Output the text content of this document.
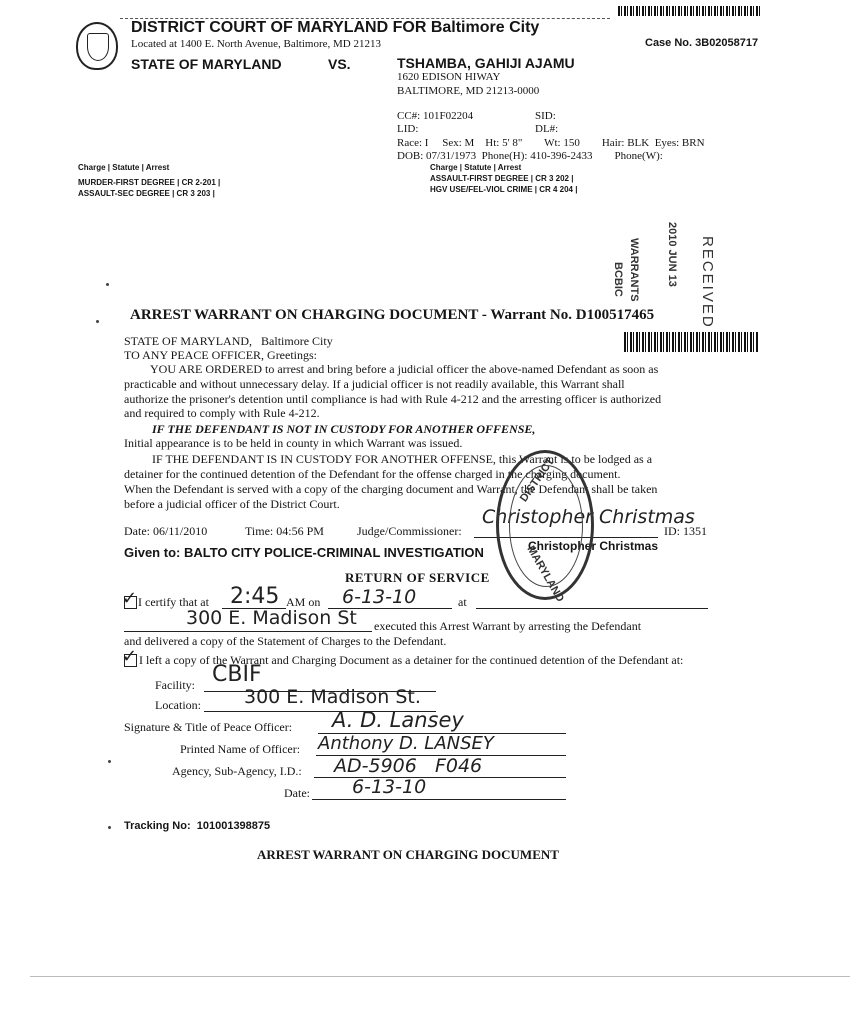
DISTRICT COURT OF MARYLAND FOR Baltimore City
Located at 1400 E. North Avenue, Baltimore, MD 21213	Case No. 3B02058717
STATE OF MARYLAND	VS.	TSHAMBA, GAHIJI AJAMU
1620 EDISON HIWAY
BALTIMORE, MD 21213-0000
CC#: 101F02204
LID:
SID:
DL#:
Race: I     Sex: M    Ht: 5' 8"        Wt: 150        Hair: BLK  Eyes: BRN
DOB: 07/31/1973  Phone(H): 410-396-2433        Phone(W):
Charge | Statute | Arrest
MURDER-FIRST DEGREE | CR 2-201 |
ASSAULT-SEC DEGREE | CR 3 203 |
Charge | Statute | Arrest
ASSAULT-FIRST DEGREE | CR 3 202 |
HGV USE/FEL-VIOL CRIME | CR 4 204 |
RECEIVED
2010 JUN 13
WARRANTS
BCBIC
ARREST WARRANT ON CHARGING DOCUMENT - Warrant No. D100517465
STATE OF MARYLAND,   Baltimore City
TO ANY PEACE OFFICER, Greetings:
YOU ARE ORDERED to arrest and bring before a judicial officer the above-named Defendant as soon as
practicable and without unnecessary delay. If a judicial officer is not readily available, this Warrant shall
authorize the prisoner's detention until compliance is had with Rule 4-212 and the arresting officer is authorized
and required to comply with Rule 4-212.
IF THE DEFENDANT IS NOT IN CUSTODY FOR ANOTHER OFFENSE,
Initial appearance is to be held in county in which Warrant was issued.
IF THE DEFENDANT IS IN CUSTODY FOR ANOTHER OFFENSE, this Warrant is to be lodged as a
detainer for the continued detention of the Defendant for the offense charged in the charging document.
When the Defendant is served with a copy of the charging document and Warrant, the Defendant shall be taken
before a judicial officer of the District Court.
Date: 06/11/2010	Time: 04:56 PM	Judge/Commissioner:
Christopher Christmas
ID: 1351
Given to: BALTO CITY POLICE-CRIMINAL INVESTIGATION	Christopher Christmas
DISTRICT
MARYLAND
RETURN OF SERVICE
✓ I certify that at 2:45 AM on 6-13-10	at
300 E. Madison St executed this Arrest Warrant by arresting the Defendant
and delivered a copy of the Statement of Charges to the Defendant.
✓ I left a copy of the Warrant and Charging Document as a detainer for the continued detention of the Defendant at:
Facility: CBIF
Location: 300 E. Madison St.
Signature & Title of Peace Officer: A. D. Lansey
Printed Name of Officer: Anthony D. LANSEY
Agency, Sub-Agency, I.D.: AD-5906   F046
Date: 6-13-10
Tracking No:  101001398875
ARREST WARRANT ON CHARGING DOCUMENT
